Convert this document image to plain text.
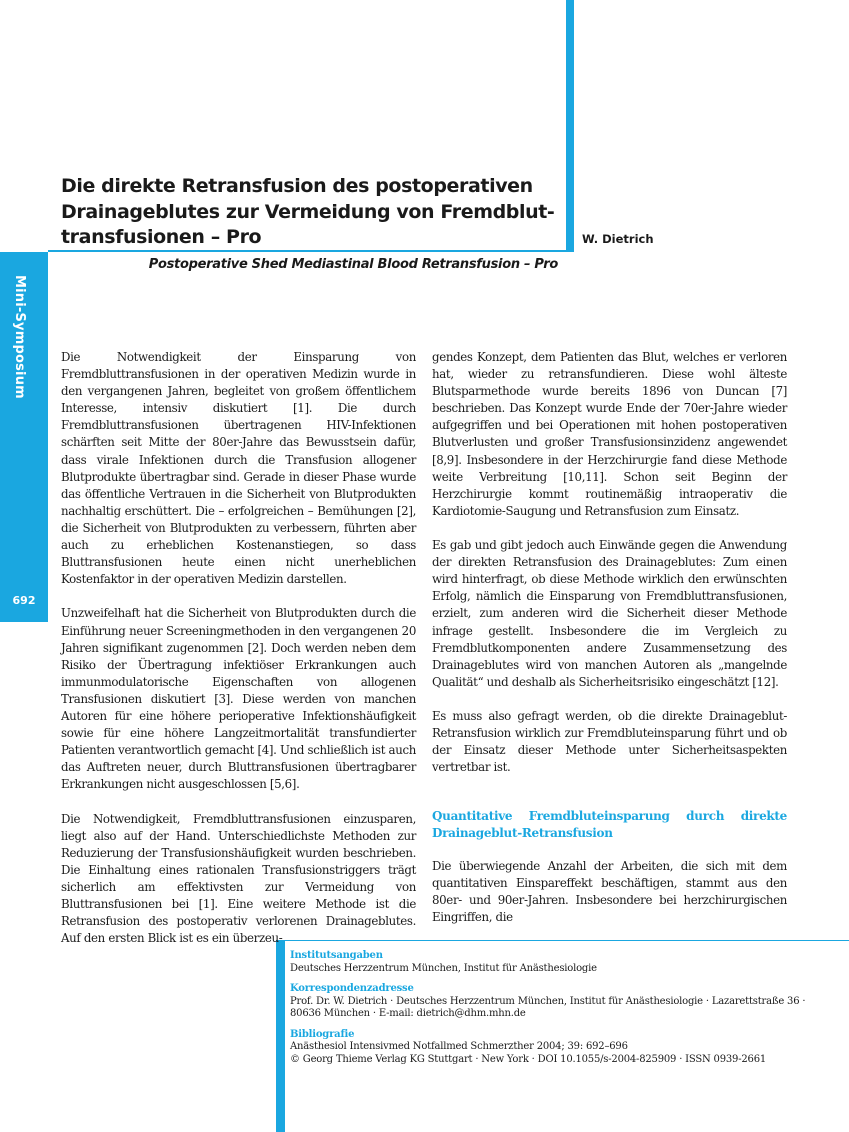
Mini-Symposium
692
Die direkte Retransfusion des postoperativen Drainageblutes zur Vermeidung von Fremdbluttransfusionen – Pro	W. Dietrich
Postoperative Shed Mediastinal Blood Retransfusion – Pro

Die Notwendigkeit der Einsparung von Fremdbluttransfusionen in der operativen Medizin wurde in den vergangenen Jahren, begleitet von großem öffentlichem Interesse, intensiv diskutiert [1]. Die durch Fremdbluttransfusionen übertragenen HIV-Infektionen schärften seit Mitte der 80er-Jahre das Bewusstsein dafür, dass virale Infektionen durch die Transfusion allogener Blutprodukte übertragbar sind. Gerade in dieser Phase wurde das öffentliche Vertrauen in die Sicherheit von Blutprodukten nachhaltig erschüttert. Die – erfolgreichen – Bemühungen [2], die Sicherheit von Blutprodukten zu verbessern, führten aber auch zu erheblichen Kostenanstiegen, so dass Bluttransfusionen heute einen nicht unerheblichen Kostenfaktor in der operativen Medizin darstellen.

Unzweifelhaft hat die Sicherheit von Blutprodukten durch die Einführung neuer Screeningmethoden in den vergangenen 20 Jahren signifikant zugenommen [2]. Doch werden neben dem Risiko der Übertragung infektiöser Erkrankungen auch immunmodulatorische Eigenschaften von allogenen Transfusionen diskutiert [3]. Diese werden von manchen Autoren für eine höhere perioperative Infektionshäufigkeit sowie für eine höhere Langzeitmortalität transfundierter Patienten verantwortlich gemacht [4]. Und schließlich ist auch das Auftreten neuer, durch Bluttransfusionen übertragbarer Erkrankungen nicht ausgeschlossen [5,6].

Die Notwendigkeit, Fremdbluttransfusionen einzusparen, liegt also auf der Hand. Unterschiedlichste Methoden zur Reduzierung der Transfusionshäufigkeit wurden beschrieben. Die Einhaltung eines rationalen Transfusionstriggers trägt sicherlich am effektivsten zur Vermeidung von Bluttransfusionen bei [1]. Eine weitere Methode ist die Retransfusion des postoperativ verlorenen Drainageblutes. Auf den ersten Blick ist es ein überzeu-

gendes Konzept, dem Patienten das Blut, welches er verloren hat, wieder zu retransfundieren. Diese wohl älteste Blutsparmethode wurde bereits 1896 von Duncan [7] beschrieben. Das Konzept wurde Ende der 70er-Jahre wieder aufgegriffen und bei Operationen mit hohen postoperativen Blutverlusten und großer Transfusionsinzidenz angewendet [8,9]. Insbesondere in der Herzchirurgie fand diese Methode weite Verbreitung [10,11]. Schon seit Beginn der Herzchirurgie kommt routinemäßig intraoperativ die Kardiotomie-Saugung und Retransfusion zum Einsatz.

Es gab und gibt jedoch auch Einwände gegen die Anwendung der direkten Retransfusion des Drainageblutes: Zum einen wird hinterfragt, ob diese Methode wirklich den erwünschten Erfolg, nämlich die Einsparung von Fremdbluttransfusionen, erzielt, zum anderen wird die Sicherheit dieser Methode infrage gestellt. Insbesondere die im Vergleich zu Fremdblutkomponenten andere Zusammensetzung des Drainageblutes wird von manchen Autoren als „mangelnde Qualität“ und deshalb als Sicherheitsrisiko eingeschätzt [12].

Es muss also gefragt werden, ob die direkte Drainageblut-Retransfusion wirklich zur Fremdbluteinsparung führt und ob der Einsatz dieser Methode unter Sicherheitsaspekten vertretbar ist.

Quantitative Fremdbluteinsparung durch direkte Drainageblut-Retransfusion

Die überwiegende Anzahl der Arbeiten, die sich mit dem quantitativen Einspareffekt beschäftigen, stammt aus den 80er- und 90er-Jahren. Insbesondere bei herzchirurgischen Eingriffen, die

Institutsangaben
Deutsches Herzzentrum München, Institut für Anästhesiologie
Korrespondenzadresse
Prof. Dr. W. Dietrich · Deutsches Herzzentrum München, Institut für Anästhesiologie · Lazarettstraße 36 ·
80636 München · E-mail: dietrich@dhm.mhn.de
Bibliografie
Anästhesiol Intensivmed Notfallmed Schmerzther 2004; 39: 692–696
© Georg Thieme Verlag KG Stuttgart · New York · DOI 10.1055/s-2004-825909 · ISSN 0939-2661
